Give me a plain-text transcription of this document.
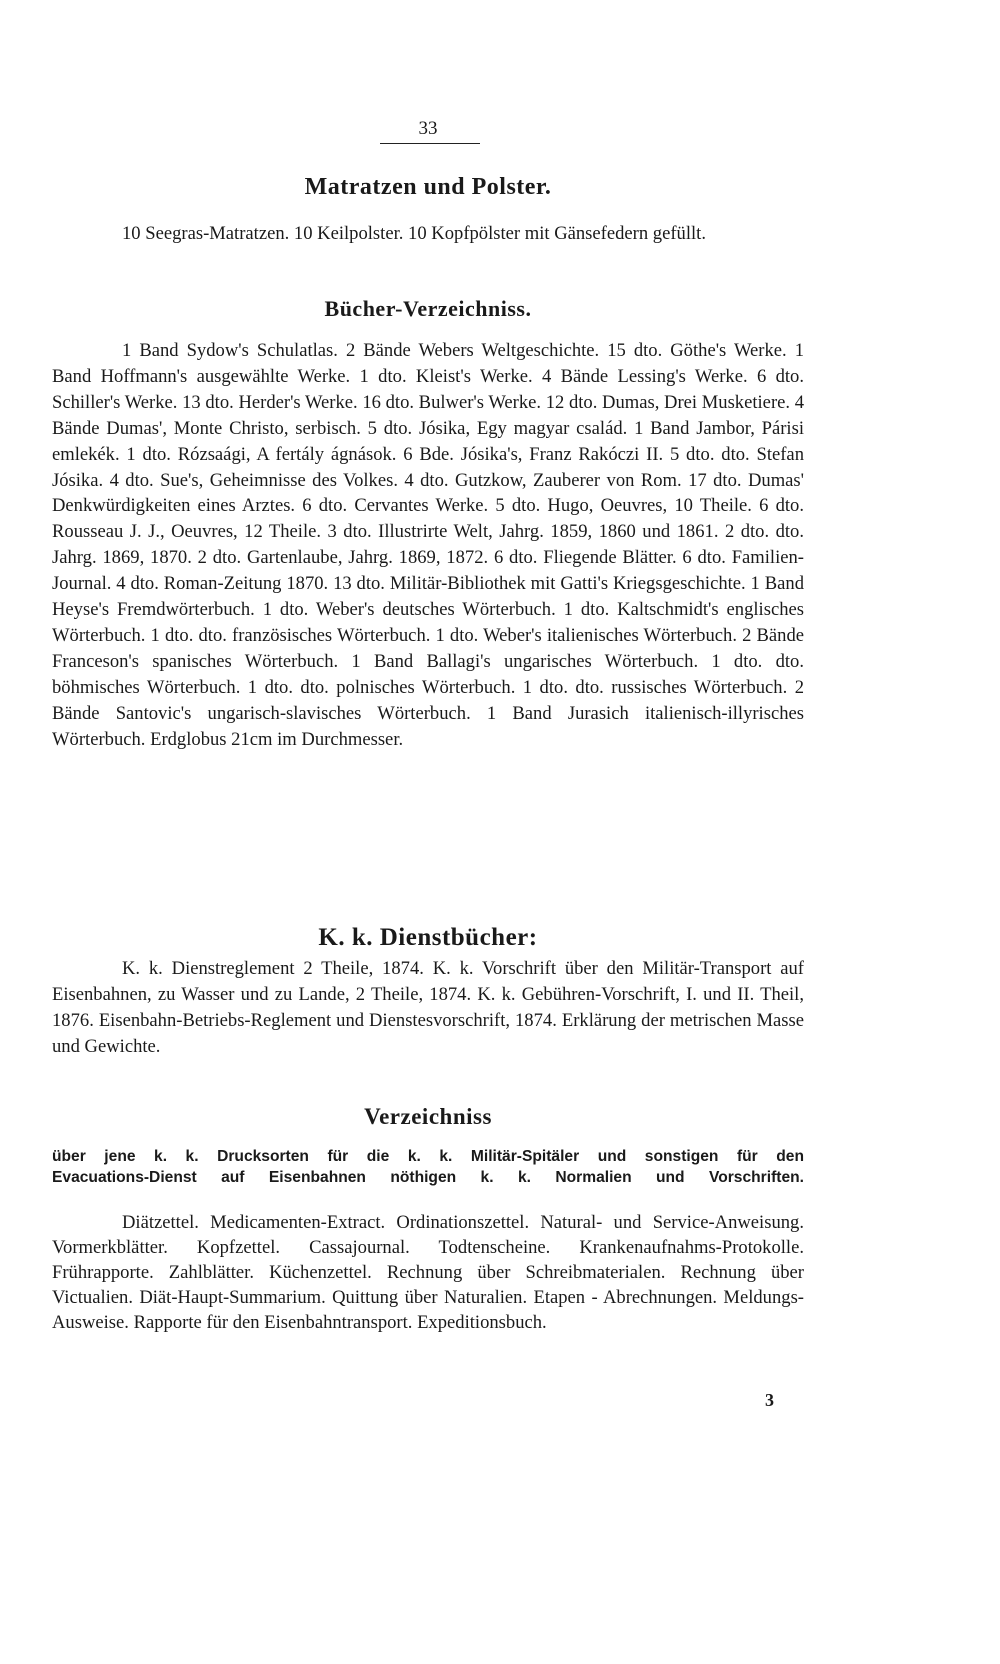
33
Matratzen und Polster.

10 Seegras-Matratzen. 10 Keilpolster. 10 Kopfpölster mit Gänsefedern gefüllt.

Bücher-Verzeichniss.

1 Band Sydow's Schulatlas. 2 Bände Webers Weltgeschichte. 15 dto. Göthe's Werke. 1 Band Hoffmann's ausgewählte Werke. 1 dto. Kleist's Werke. 4 Bände Lessing's Werke. 6 dto. Schiller's Werke. 13 dto. Herder's Werke. 16 dto. Bulwer's Werke. 12 dto. Dumas, Drei Musketiere. 4 Bände Dumas', Monte Christo, serbisch. 5 dto. Jósika, Egy magyar család. 1 Band Jambor, Párisi emlekék. 1 dto. Rózsaági, A fertály ágnások. 6 Bde. Jósika's, Franz Rakóczi II. 5 dto. dto. Stefan Jósika. 4 dto. Sue's, Geheimnisse des Volkes. 4 dto. Gutzkow, Zauberer von Rom. 17 dto. Dumas' Denkwürdigkeiten eines Arztes. 6 dto. Cervantes Werke. 5 dto. Hugo, Oeuvres, 10 Theile. 6 dto. Rousseau J. J., Oeuvres, 12 Theile. 3 dto. Illustrirte Welt, Jahrg. 1859, 1860 und 1861. 2 dto. dto. Jahrg. 1869, 1870. 2 dto. Gartenlaube, Jahrg. 1869, 1872. 6 dto. Fliegende Blätter. 6 dto. Familien-Journal. 4 dto. Roman-Zeitung 1870. 13 dto. Militär-Bibliothek mit Gatti's Kriegsgeschichte. 1 Band Heyse's Fremdwörterbuch. 1 dto. Weber's deutsches Wörterbuch. 1 dto. Kaltschmidt's englisches Wörterbuch. 1 dto. dto. französisches Wörterbuch. 1 dto. Weber's italienisches Wörterbuch. 2 Bände Franceson's spanisches Wörterbuch. 1 Band Ballagi's ungarisches Wörterbuch. 1 dto. dto. böhmisches Wörterbuch. 1 dto. dto. polnisches Wörterbuch. 1 dto. dto. russisches Wörterbuch. 2 Bände Santovic's ungarisch-slavisches Wörterbuch. 1 Band Jurasich italienisch-illyrisches Wörterbuch. Erdglobus 21cm im Durchmesser.

K. k. Dienstbücher:

K. k. Dienstreglement 2 Theile, 1874. K. k. Vorschrift über den Militär-Transport auf Eisenbahnen, zu Wasser und zu Lande, 2 Theile, 1874. K. k. Gebühren-Vorschrift, I. und II. Theil, 1876. Eisenbahn-Betriebs-Reglement und Dienstesvorschrift, 1874. Erklärung der metrischen Masse und Gewichte.

Verzeichniss

über jene k. k. Drucksorten für die k. k. Militär-Spitäler und sonstigen für den
Evacuations-Dienst auf Eisenbahnen nöthigen k. k. Normalien und Vorschriften.

Diätzettel. Medicamenten-Extract. Ordinationszettel. Natural- und Service-Anweisung. Vormerkblätter. Kopfzettel. Cassajournal. Todtenscheine. Krankenaufnahms-Protokolle. Frührapporte. Zahlblätter. Küchenzettel. Rechnung über Schreibmaterialen. Rechnung über Victualien. Diät-Haupt-Summarium. Quittung über Naturalien. Etapen - Abrechnungen. Meldungs-Ausweise. Rapporte für den Eisenbahntransport. Expeditionsbuch.

3
